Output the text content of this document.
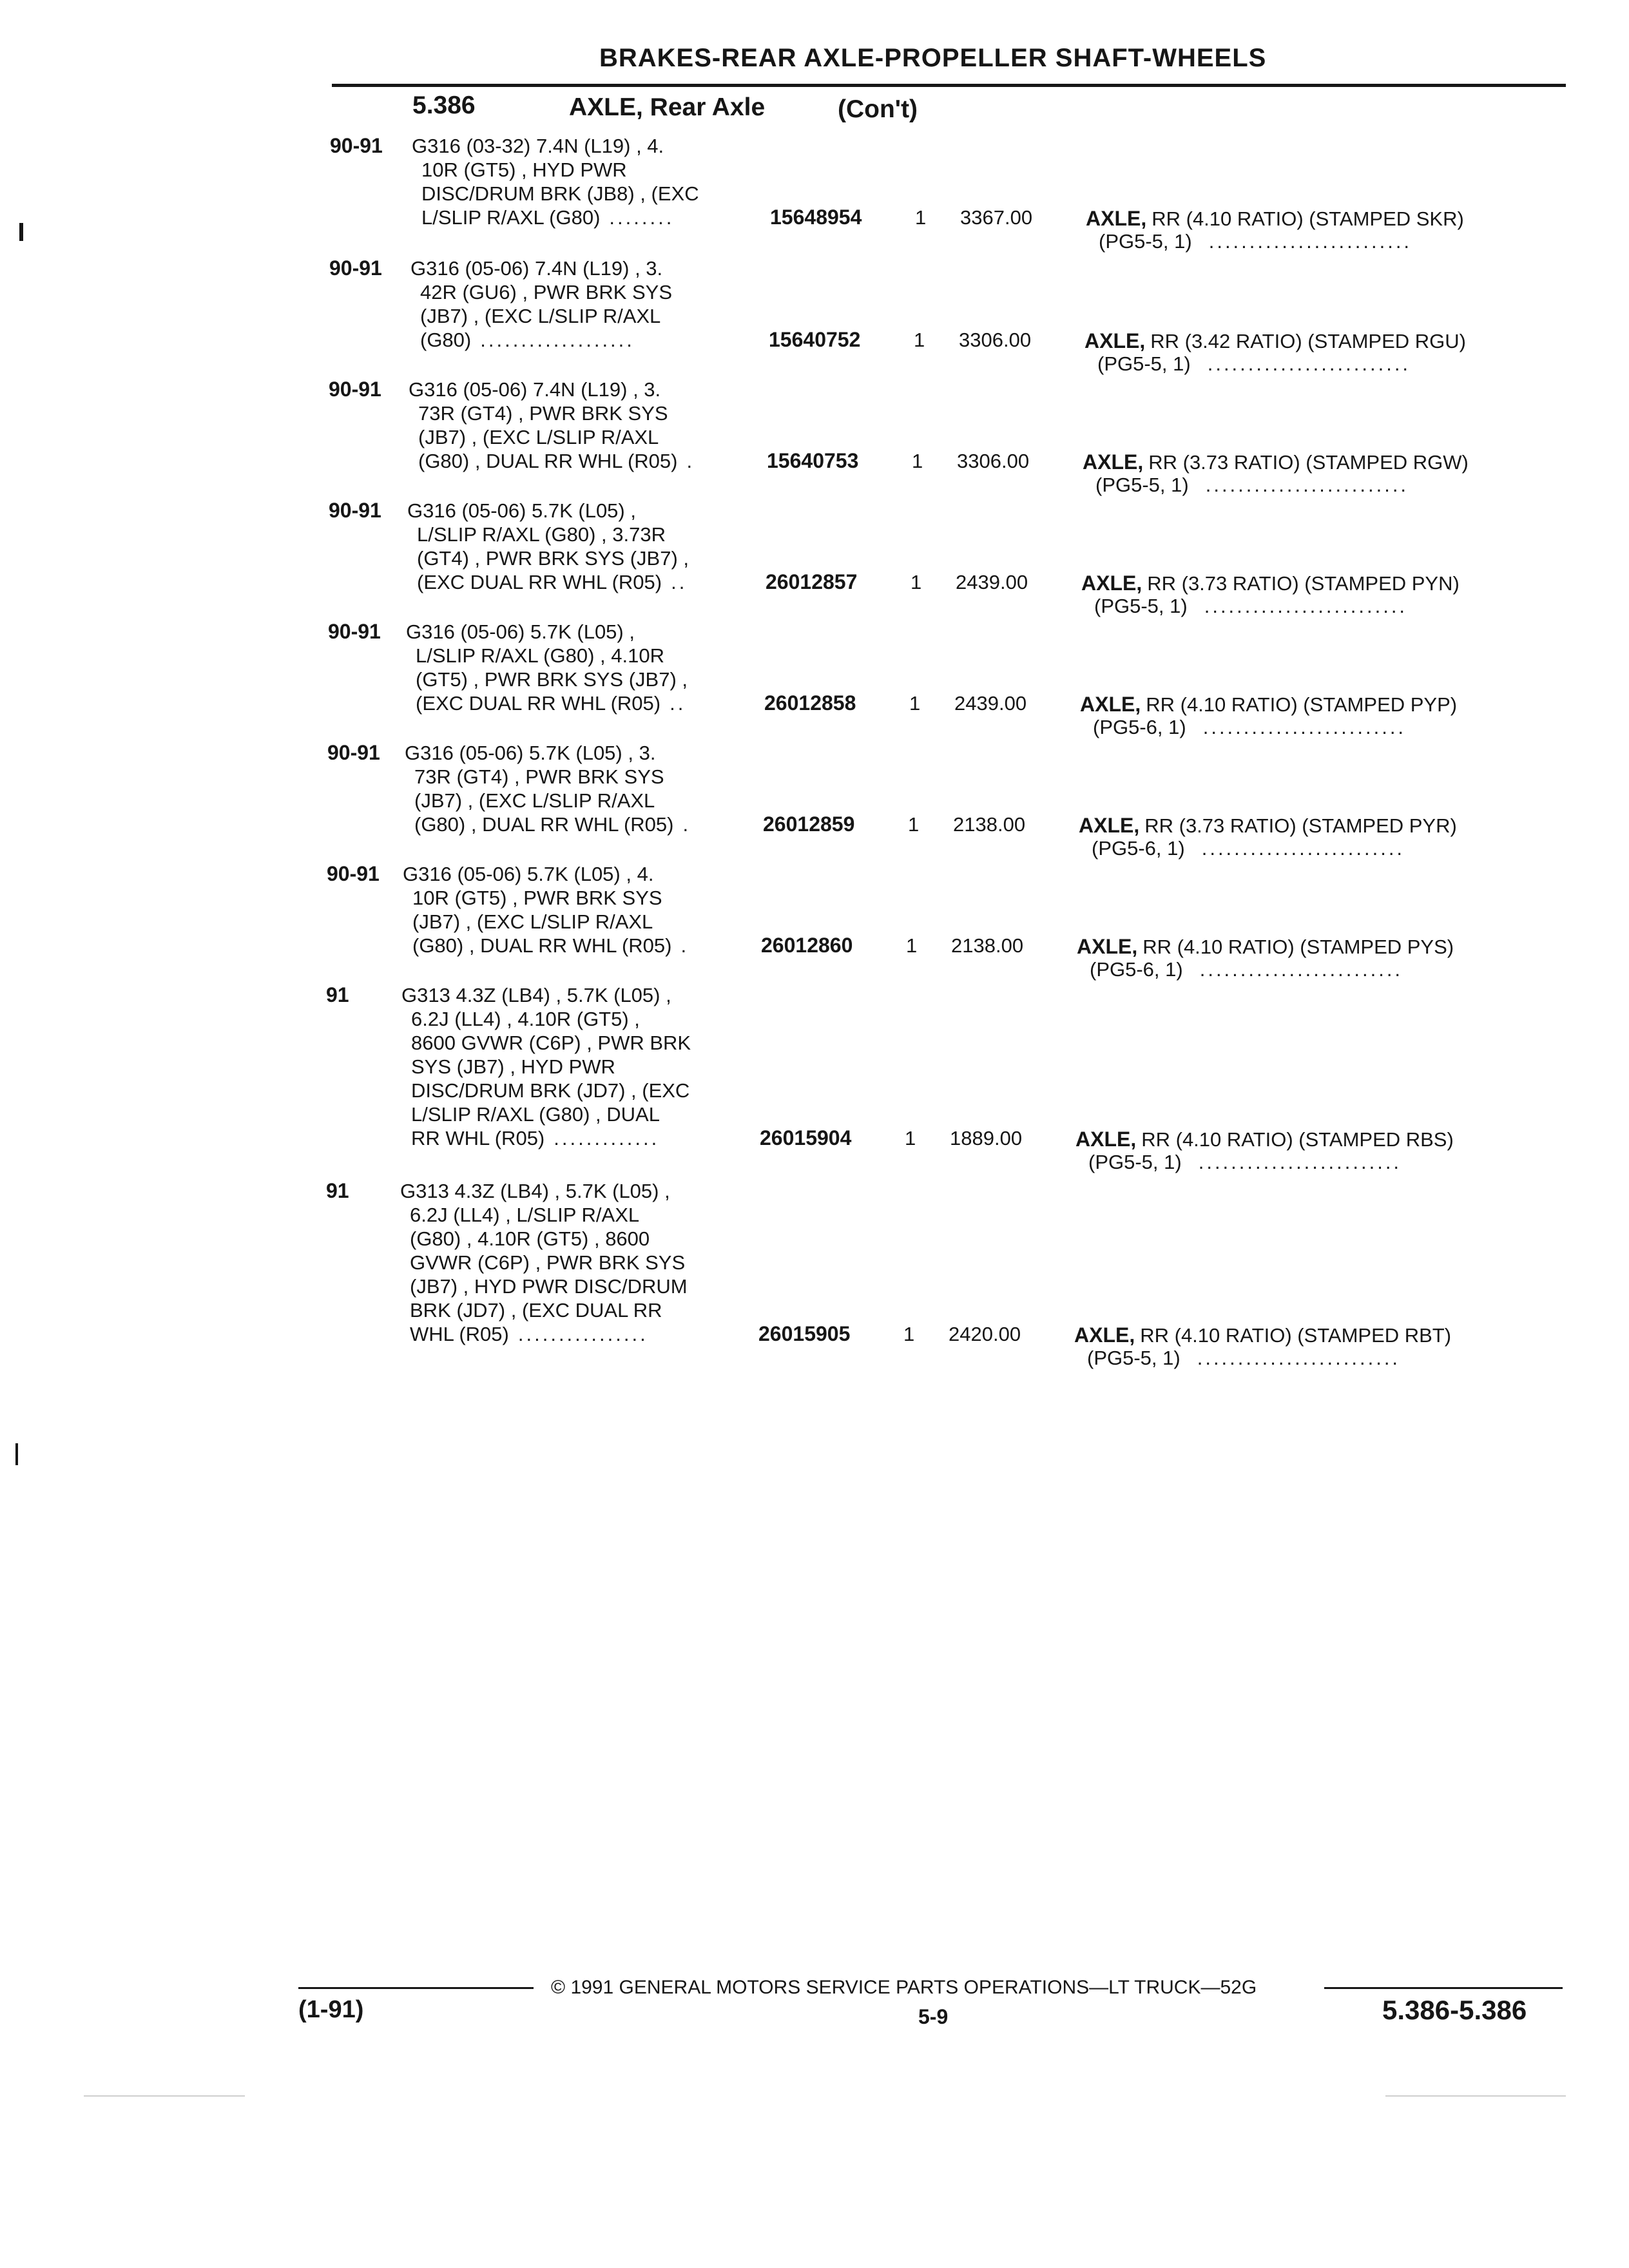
BRAKES-REAR AXLE-PROPELLER SHAFT-WHEELS
5.386	AXLE, Rear Axle	(Con't)
90-91 G316 (03-32) 7.4N (L19) , 4.
10R (GT5) , HYD PWR
DISC/DRUM BRK (JB8) , (EXC
L/SLIP R/AXL (G80) ........	15648954	1 3367.00	AXLE, RR (4.10 RATIO) (STAMPED SKR)
(PG5-5, 1) .........................
90-91 G316 (05-06) 7.4N (L19) , 3.
42R (GU6) , PWR BRK SYS
(JB7) , (EXC L/SLIP R/AXL
(G80) ...................	15640752	1 3306.00	AXLE, RR (3.42 RATIO) (STAMPED RGU)
(PG5-5, 1) .........................
90-91 G316 (05-06) 7.4N (L19) , 3.
73R (GT4) , PWR BRK SYS
(JB7) , (EXC L/SLIP R/AXL
(G80) , DUAL RR WHL (R05) .	15640753	1 3306.00	AXLE, RR (3.73 RATIO) (STAMPED RGW)
(PG5-5, 1) .........................
90-91 G316 (05-06) 5.7K (L05) ,
L/SLIP R/AXL (G80) , 3.73R
(GT4) , PWR BRK SYS (JB7) ,
(EXC DUAL RR WHL (R05) ..	26012857	1 2439.00	AXLE, RR (3.73 RATIO) (STAMPED PYN)
(PG5-5, 1) .........................
90-91 G316 (05-06) 5.7K (L05) ,
L/SLIP R/AXL (G80) , 4.10R
(GT5) , PWR BRK SYS (JB7) ,
(EXC DUAL RR WHL (R05) ..	26012858	1 2439.00	AXLE, RR (4.10 RATIO) (STAMPED PYP)
(PG5-6, 1) .........................
90-91 G316 (05-06) 5.7K (L05) , 3.
73R (GT4) , PWR BRK SYS
(JB7) , (EXC L/SLIP R/AXL
(G80) , DUAL RR WHL (R05) .	26012859	1 2138.00	AXLE, RR (3.73 RATIO) (STAMPED PYR)
(PG5-6, 1) .........................
90-91 G316 (05-06) 5.7K (L05) , 4.
10R (GT5) , PWR BRK SYS
(JB7) , (EXC L/SLIP R/AXL
(G80) , DUAL RR WHL (R05) .	26012860	1 2138.00	AXLE, RR (4.10 RATIO) (STAMPED PYS)
(PG5-6, 1) .........................
91	G313 4.3Z (LB4) , 5.7K (L05) ,
6.2J (LL4) , 4.10R (GT5) ,
8600 GVWR (C6P) , PWR BRK
SYS (JB7) , HYD PWR
DISC/DRUM BRK (JD7) , (EXC
L/SLIP R/AXL (G80) , DUAL
RR WHL (R05) .............	26015904	1 1889.00	AXLE, RR (4.10 RATIO) (STAMPED RBS)
(PG5-5, 1) .........................
91	G313 4.3Z (LB4) , 5.7K (L05) ,
6.2J (LL4) , L/SLIP R/AXL
(G80) , 4.10R (GT5) , 8600
GVWR (C6P) , PWR BRK SYS
(JB7) , HYD PWR DISC/DRUM
BRK (JD7) , (EXC DUAL RR
WHL (R05) ................	26015905	1 2420.00	AXLE, RR (4.10 RATIO) (STAMPED RBT)
(PG5-5, 1) .........................
© 1991 GENERAL MOTORS SERVICE PARTS OPERATIONS—LT TRUCK—52G
(1-91)	5-9	5.386-5.386
